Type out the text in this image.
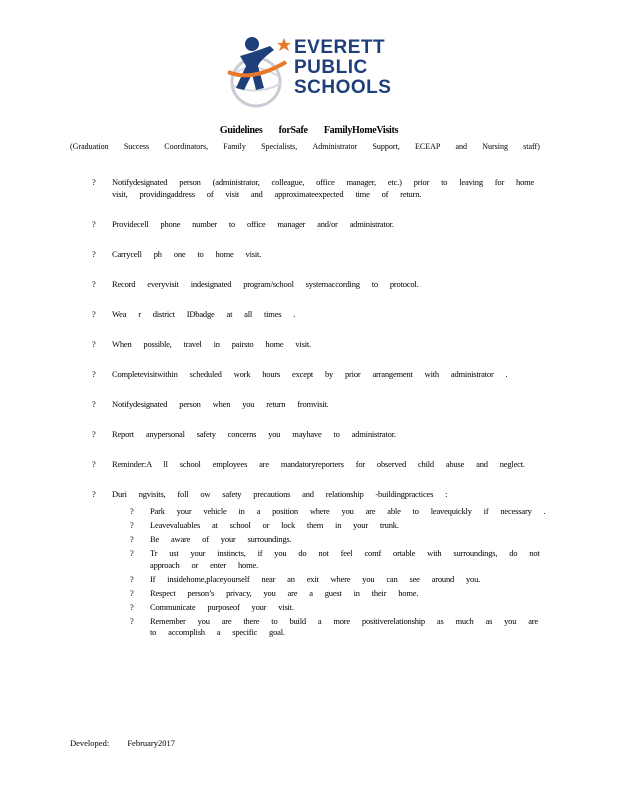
EVERETT
PUBLIC
SCHOOLS
Guidelines forSafe FamilyHomeVisits
(Graduation Success Coordinators, Family Specialists, Administrator Support, ECEAP and Nursing staff)
? Notifydesignated person (administrator, colleague, office manager, etc.) prior to leaving for home visit, providingaddress of visit and approximateexpected time of return.
? Providecell phone number to office manager and/or administrator.
? Carrycell ph one to home visit.
? Record everyvisit indesignated program/school systemaccording to protocol.
? Wea r district IDbadge at all times .
? When possible, travel in pairsto home visit.
? Completevisitwithin scheduled work hours except by prior arrangement with administrator .
? Notifydesignated person when you return fromvisit.
? Report anypersonal safety concerns you mayhave to administrator.
? Reminder:A ll school employees are mandatoryreporters for observed child abuse and neglect.
? Duri ngvisits, foll ow safety precautions and relationship -buildingpractices :
? Park your vehicle in a position where you are able to leavequickly if necessary .
? Leavevaluables at school or lock them in your trunk.
? Be aware of your surroundings.
? Tr ust your instincts, if you do not feel comf ortable with surroundings, do not approach or enter home.
? If insidehome,placeyourself near an exit where you can see around you.
? Respect person’s privacy, you are a guest in their home.
? Communicate purposeof your visit.
? Remember you are there to build a more positiverelationship as much as you are to accomplish a specific goal.
Developed: February2017
